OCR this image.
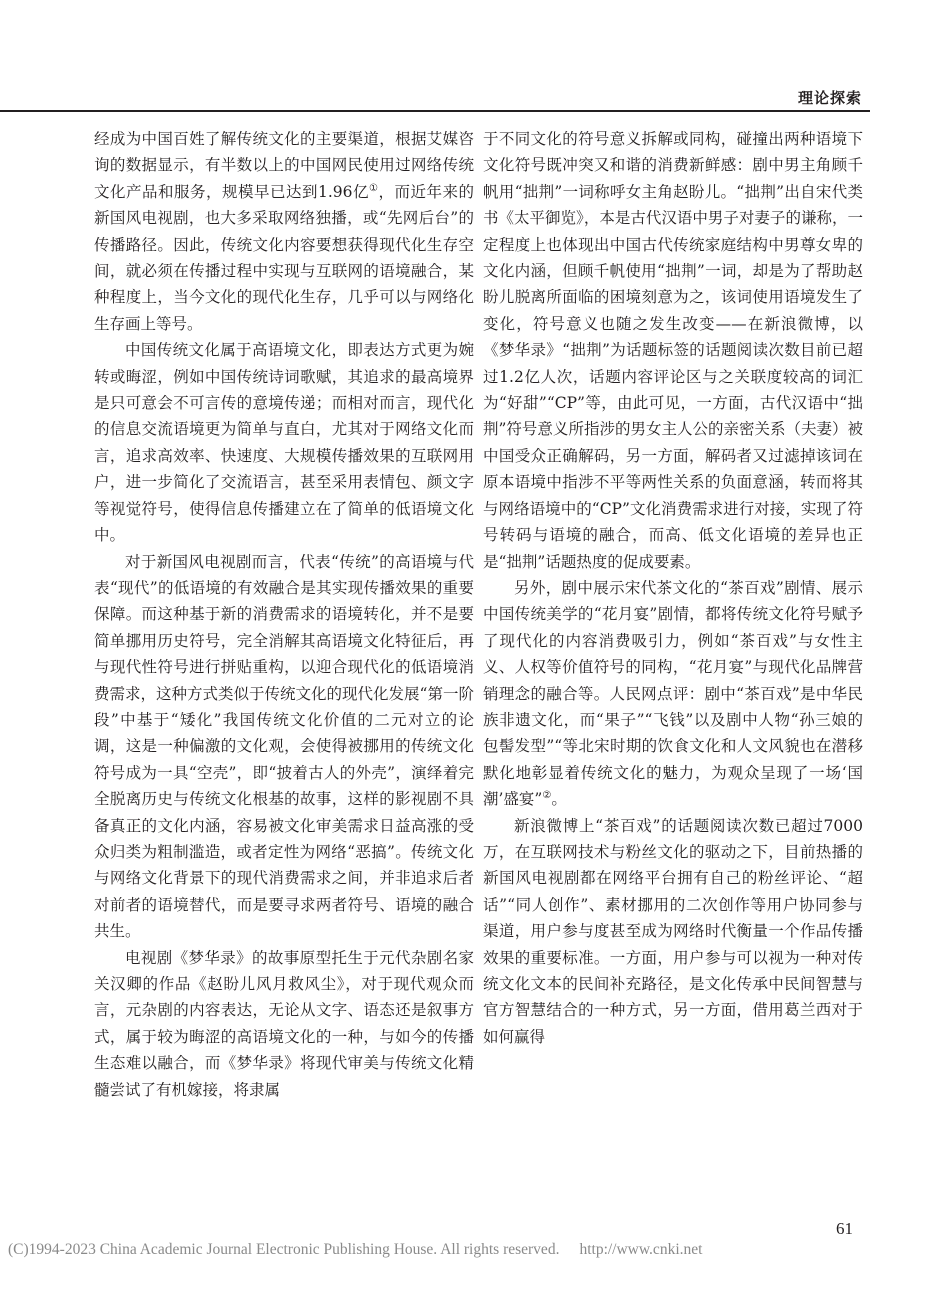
理论探索

经成为中国百姓了解传统文化的主要渠道，根据艾媒咨询的数据显示，有半数以上的中国网民使用过网络传统文化产品和服务，规模早已达到1.96亿①，而近年来的新国风电视剧，也大多采取网络独播，或“先网后台”的传播路径。因此，传统文化内容要想获得现代化生存空间，就必须在传播过程中实现与互联网的语境融合，某种程度上，当今文化的现代化生存，几乎可以与网络化生存画上等号。

中国传统文化属于高语境文化，即表达方式更为婉转或晦涩，例如中国传统诗词歌赋，其追求的最高境界是只可意会不可言传的意境传递；而相对而言，现代化的信息交流语境更为简单与直白，尤其对于网络文化而言，追求高效率、快速度、大规模传播效果的互联网用户，进一步简化了交流语言，甚至采用表情包、颜文字等视觉符号，使得信息传播建立在了简单的低语境文化中。

对于新国风电视剧而言，代表“传统”的高语境与代表“现代”的低语境的有效融合是其实现传播效果的重要保障。而这种基于新的消费需求的语境转化，并不是要简单挪用历史符号，完全消解其高语境文化特征后，再与现代性符号进行拼贴重构，以迎合现代化的低语境消费需求，这种方式类似于传统文化的现代化发展“第一阶段”中基于“矮化”我国传统文化价值的二元对立的论调，这是一种偏激的文化观，会使得被挪用的传统文化符号成为一具“空壳”，即“披着古人的外壳”，演绎着完全脱离历史与传统文化根基的故事，这样的影视剧不具备真正的文化内涵，容易被文化审美需求日益高涨的受众归类为粗制滥造，或者定性为网络“恶搞”。传统文化与网络文化背景下的现代消费需求之间，并非追求后者对前者的语境替代，而是要寻求两者符号、语境的融合共生。

电视剧《梦华录》的故事原型托生于元代杂剧名家关汉卿的作品《赵盼儿风月救风尘》，对于现代观众而言，元杂剧的内容表达，无论从文字、语态还是叙事方式，属于较为晦涩的高语境文化的一种，与如今的传播生态难以融合，而《梦华录》将现代审美与传统文化精髓尝试了有机嫁接，将隶属

于不同文化的符号意义拆解或同构，碰撞出两种语境下文化符号既冲突又和谐的消费新鲜感：剧中男主角顾千帆用“拙荆”一词称呼女主角赵盼儿。“拙荆”出自宋代类书《太平御览》，本是古代汉语中男子对妻子的谦称，一定程度上也体现出中国古代传统家庭结构中男尊女卑的文化内涵，但顾千帆使用“拙荆”一词，却是为了帮助赵盼儿脱离所面临的困境刻意为之，该词使用语境发生了变化，符号意义也随之发生改变——在新浪微博，以《梦华录》“拙荆”为话题标签的话题阅读次数目前已超过1.2亿人次，话题内容评论区与之关联度较高的词汇为“好甜”“CP”等，由此可见，一方面，古代汉语中“拙荆”符号意义所指涉的男女主人公的亲密关系（夫妻）被中国受众正确解码，另一方面，解码者又过滤掉该词在原本语境中指涉不平等两性关系的负面意涵，转而将其与网络语境中的“CP”文化消费需求进行对接，实现了符号转码与语境的融合，而高、低文化语境的差异也正是“拙荆”话题热度的促成要素。

另外，剧中展示宋代茶文化的“茶百戏”剧情、展示中国传统美学的“花月宴”剧情，都将传统文化符号赋予了现代化的内容消费吸引力，例如“茶百戏”与女性主义、人权等价值符号的同构，“花月宴”与现代化品牌营销理念的融合等。人民网点评：剧中“茶百戏”是中华民族非遗文化，而“果子”“飞钱”以及剧中人物“孙三娘的包髻发型”“等北宋时期的饮食文化和人文风貌也在潜移默化地彰显着传统文化的魅力，为观众呈现了一场‘国潮’盛宴”②。

新浪微博上“茶百戏”的话题阅读次数已超过7000万，在互联网技术与粉丝文化的驱动之下，目前热播的新国风电视剧都在网络平台拥有自己的粉丝评论、“超话”“同人创作”、素材挪用的二次创作等用户协同参与渠道，用户参与度甚至成为网络时代衡量一个作品传播效果的重要标准。一方面，用户参与可以视为一种对传统文化文本的民间补充路径，是文化传承中民间智慧与官方智慧结合的一种方式，另一方面，借用葛兰西对于如何赢得

61
(C)1994-2023 China Academic Journal Electronic Publishing House. All rights reserved. http://www.cnki.net
